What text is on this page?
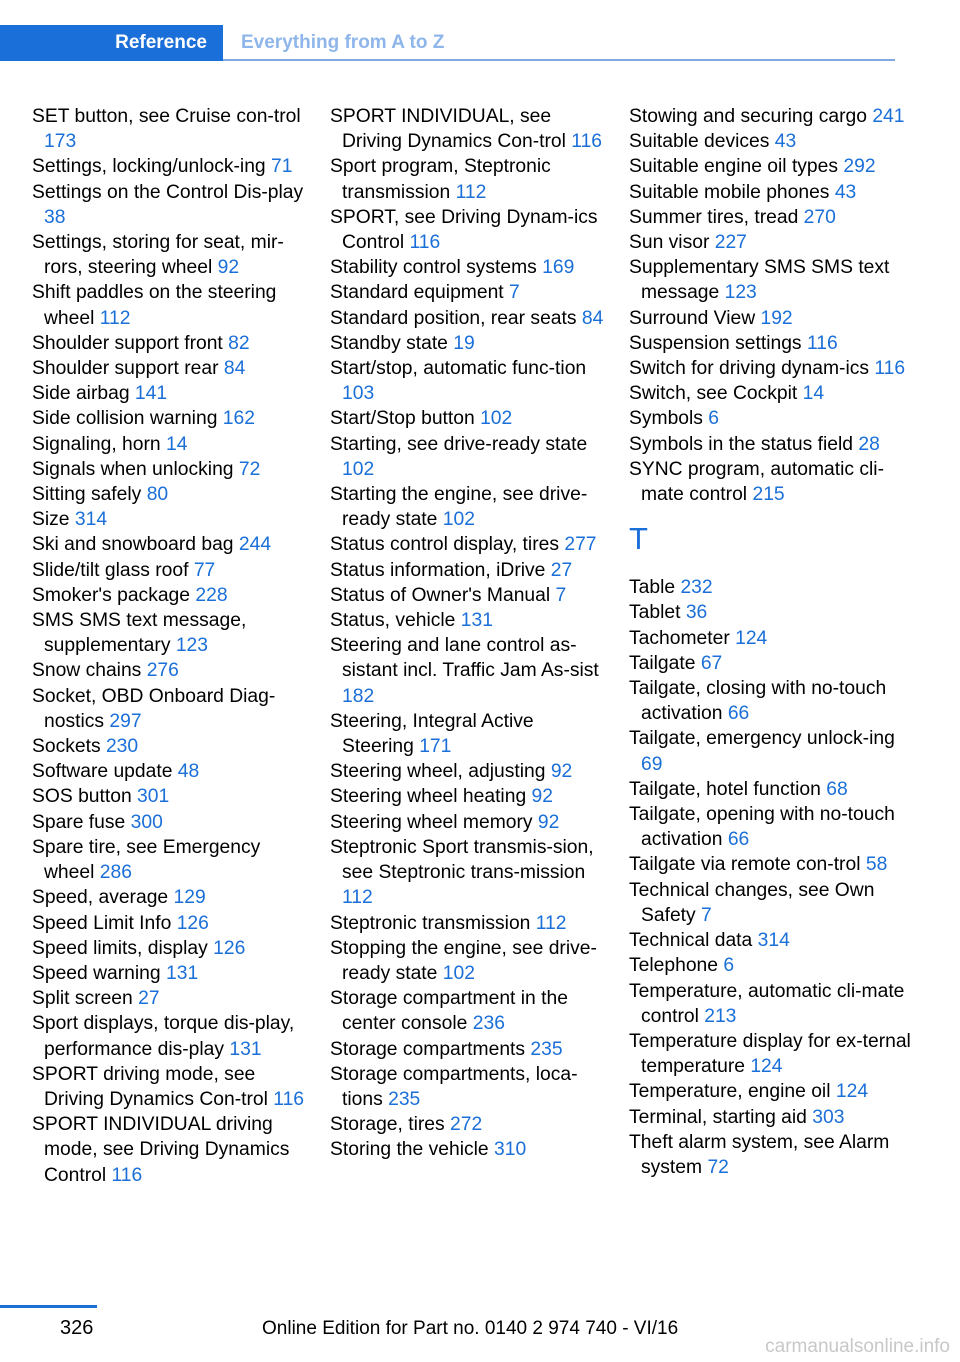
Reference Everything from A to Z
SET button, see Cruise con-trol 173
Settings, locking/unlock-ing 71
Settings on the Control Dis-play 38
Settings, storing for seat, mir-rors, steering wheel 92
Shift paddles on the steering wheel 112
Shoulder support front 82
Shoulder support rear 84
Side airbag 141
Side collision warning 162
Signaling, horn 14
Signals when unlocking 72
Sitting safely 80
Size 314
Ski and snowboard bag 244
Slide/tilt glass roof 77
Smoker's package 228
SMS SMS text message, supplementary 123
Snow chains 276
Socket, OBD Onboard Diag-nostics 297
Sockets 230
Software update 48
SOS button 301
Spare fuse 300
Spare tire, see Emergency wheel 286
Speed, average 129
Speed Limit Info 126
Speed limits, display 126
Speed warning 131
Split screen 27
Sport displays, torque dis-play, performance dis-play 131
SPORT driving mode, see Driving Dynamics Con-trol 116
SPORT INDIVIDUAL driving mode, see Driving Dynamics Control 116
SPORT INDIVIDUAL, see Driving Dynamics Con-trol 116
Sport program, Steptronic transmission 112
SPORT, see Driving Dynam-ics Control 116
Stability control systems 169
Standard equipment 7
Standard position, rear seats 84
Standby state 19
Start/stop, automatic func-tion 103
Start/Stop button 102
Starting, see drive-ready state 102
Starting the engine, see drive-ready state 102
Status control display, tires 277
Status information, iDrive 27
Status of Owner's Manual 7
Status, vehicle 131
Steering and lane control as-sistant incl. Traffic Jam As-sist 182
Steering, Integral Active Steering 171
Steering wheel, adjusting 92
Steering wheel heating 92
Steering wheel memory 92
Steptronic Sport transmis-sion, see Steptronic trans-mission 112
Steptronic transmission 112
Stopping the engine, see drive-ready state 102
Storage compartment in the center console 236
Storage compartments 235
Storage compartments, loca-tions 235
Storage, tires 272
Storing the vehicle 310
Stowing and securing cargo 241
Suitable devices 43
Suitable engine oil types 292
Suitable mobile phones 43
Summer tires, tread 270
Sun visor 227
Supplementary SMS SMS text message 123
Surround View 192
Suspension settings 116
Switch for driving dynam-ics 116
Switch, see Cockpit 14
Symbols 6
Symbols in the status field 28
SYNC program, automatic cli-mate control 215
T
Table 232
Tablet 36
Tachometer 124
Tailgate 67
Tailgate, closing with no-touch activation 66
Tailgate, emergency unlock-ing 69
Tailgate, hotel function 68
Tailgate, opening with no-touch activation 66
Tailgate via remote con-trol 58
Technical changes, see Own Safety 7
Technical data 314
Telephone 6
Temperature, automatic cli-mate control 213
Temperature display for ex-ternal temperature 124
Temperature, engine oil 124
Terminal, starting aid 303
Theft alarm system, see Alarm system 72
326	Online Edition for Part no. 0140 2 974 740 - VI/16
carmanualsonline.info
